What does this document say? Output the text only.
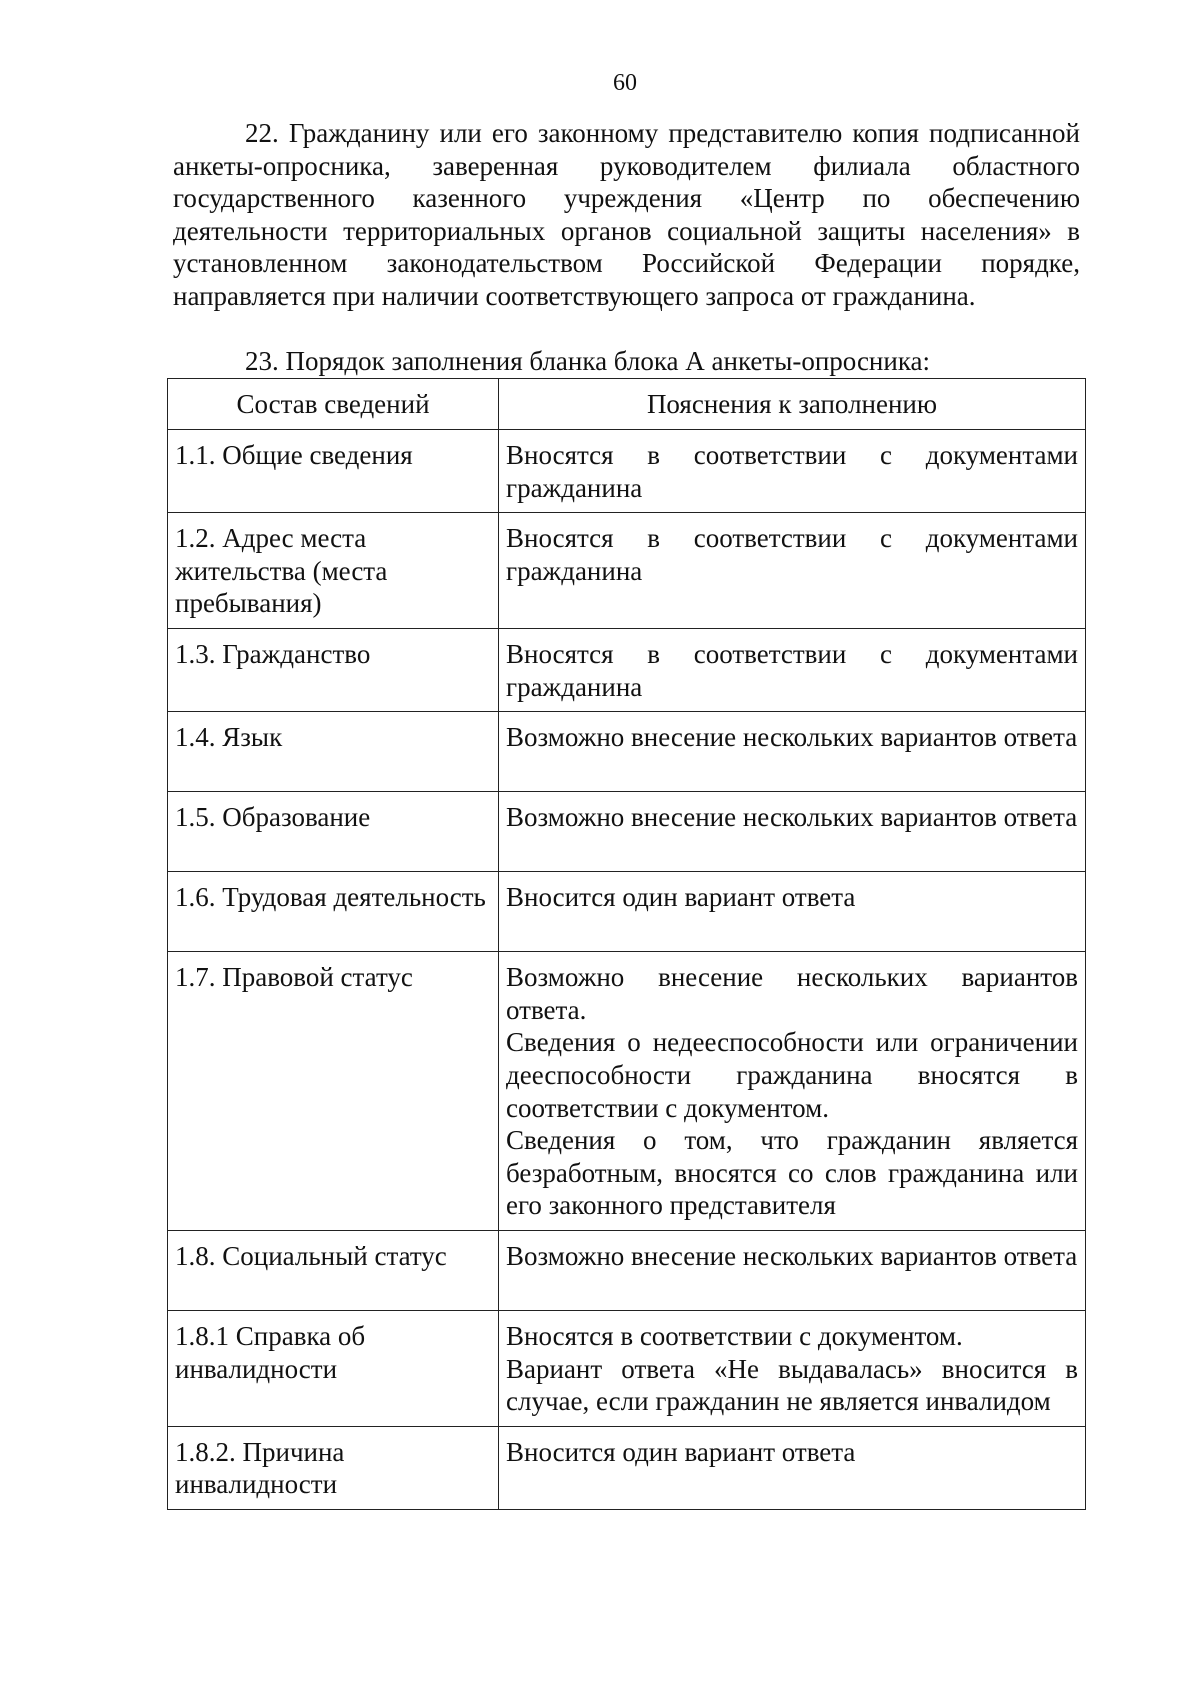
60

22. Гражданину или его законному представителю копия подписанной анкеты-опросника, заверенная руководителем филиала областного государственного казенного учреждения «Центр по обеспечению деятельности территориальных органов социальной защиты населения» в установленном законодательством Российской Федерации порядке, направляется при наличии соответствующего запроса от гражданина.

23. Порядок заполнения бланка блока А анкеты-опросника:

Состав сведений	Пояснения к заполнению
1.1. Общие сведения	Вносятся в соответствии с документами гражданина

1.2. Адрес места жительства (места пребывания)	Вносятся в соответствии с документами гражданина

1.3. Гражданство	Вносятся в соответствии с документами гражданина

1.4. Язык	Возможно внесение нескольких вариантов ответа

1.5. Образование	Возможно внесение нескольких вариантов ответа

1.6. Трудовая деятельность	Вносится один вариант ответа

1.7. Правовой статус	Возможно внесение нескольких вариантов ответа.
Сведения о недееспособности или ограничении дееспособности гражданина вносятся в соответствии с документом.
Сведения о том, что гражданин является безработным, вносятся со слов гражданина или его законного представителя

1.8. Социальный статус	Возможно внесение нескольких вариантов ответа

1.8.1 Справка об инвалидности	Вносятся в соответствии с документом.
Вариант ответа «Не выдавалась» вносится в случае, если гражданин не является инвалидом

1.8.2. Причина инвалидности	Вносится один вариант ответа
